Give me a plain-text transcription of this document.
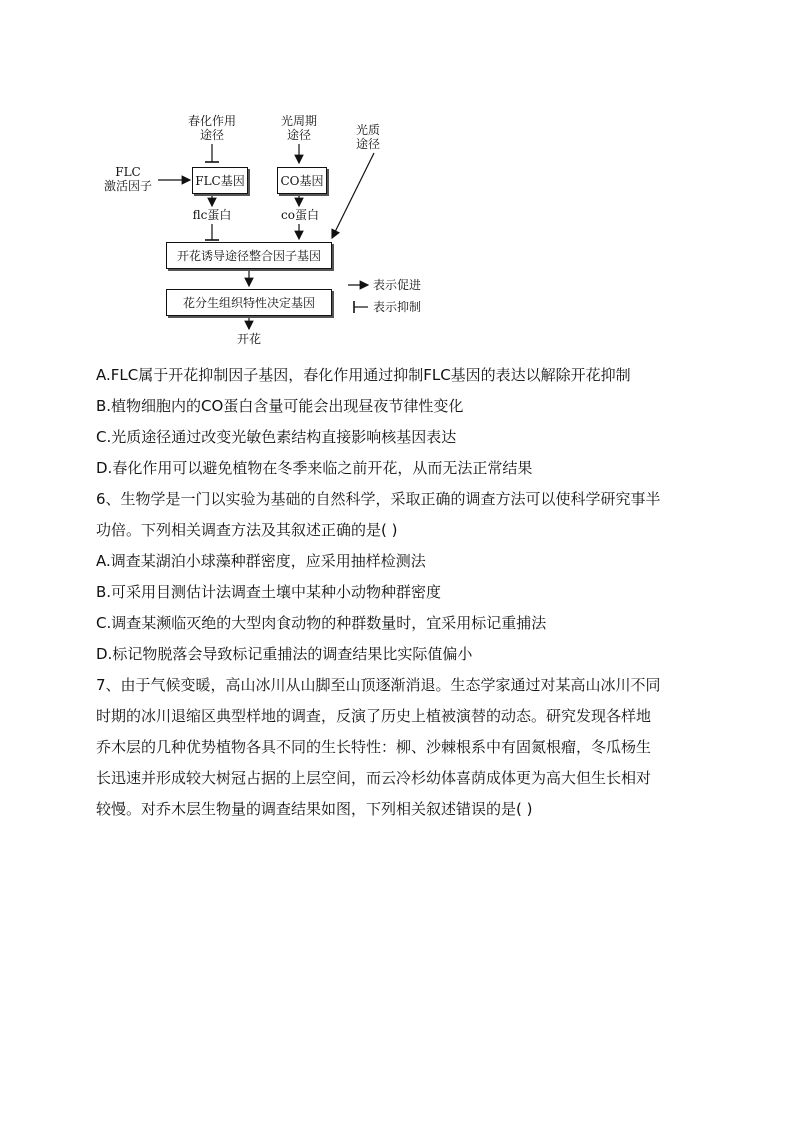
春化作用
途径
光周期
途径	光质
途径
FLC
激活因子	FLC基因	CO基因
flc蛋白	co蛋白
开花诱导途径整合因子基因
花分生组织特性决定基因
开花
表示促进
表示抑制
A.FLC属于开花抑制因子基因，春化作用通过抑制FLC基因的表达以解除开花抑制
B.植物细胞内的CO蛋白含量可能会出现昼夜节律性变化
C.光质途径通过改变光敏色素结构直接影响核基因表达
D.春化作用可以避免植物在冬季来临之前开花，从而无法正常结果
6、生物学是一门以实验为基础的自然科学，采取正确的调查方法可以使科学研究事半
功倍。下列相关调查方法及其叙述正确的是( )
A.调查某湖泊小球藻种群密度，应采用抽样检测法
B.可采用目测估计法调查土壤中某种小动物种群密度
C.调查某濒临灭绝的大型肉食动物的种群数量时，宜采用标记重捕法
D.标记物脱落会导致标记重捕法的调查结果比实际值偏小
7、由于气候变暖，高山冰川从山脚至山顶逐渐消退。生态学家通过对某高山冰川不同
时期的冰川退缩区典型样地的调查，反演了历史上植被演替的动态。研究发现各样地
乔木层的几种优势植物各具不同的生长特性：柳、沙棘根系中有固氮根瘤，冬瓜杨生
长迅速并形成较大树冠占据的上层空间，而云冷杉幼体喜荫成体更为高大但生长相对
较慢。对乔木层生物量的调查结果如图，下列相关叙述错误的是( )
